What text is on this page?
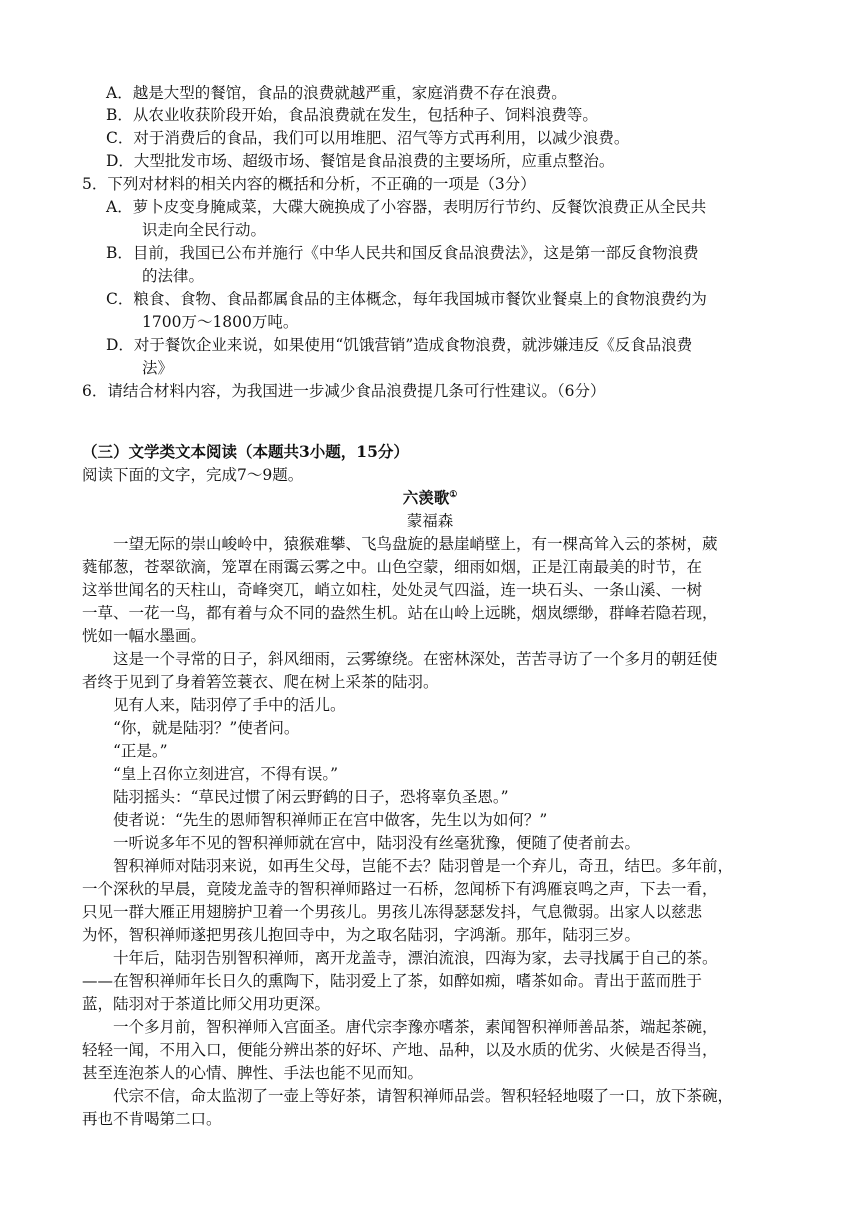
A．越是大型的餐馆，食品的浪费就越严重，家庭消费不存在浪费。
B．从农业收获阶段开始，食品浪费就在发生，包括种子、饲料浪费等。
C．对于消费后的食品，我们可以用堆肥、沼气等方式再利用，以减少浪费。
D．大型批发市场、超级市场、餐馆是食品浪费的主要场所，应重点整治。
5．下列对材料的相关内容的概括和分析，不正确的一项是（3分）
A．萝卜皮变身腌咸菜，大碟大碗换成了小容器，表明厉行节约、反餐饮浪费正从全民共
识走向全民行动。
B．目前，我国已公布并施行《中华人民共和国反食品浪费法》，这是第一部反食物浪费
的法律。
C．粮食、食物、食品都属食品的主体概念，每年我国城市餐饮业餐桌上的食物浪费约为
1700万～1800万吨。
D．对于餐饮企业来说，如果使用“饥饿营销”造成食物浪费，就涉嫌违反《反食品浪费
法》
6．请结合材料内容，为我国进一步减少食品浪费提几条可行性建议。（6分）
（三）文学类文本阅读（本题共3小题，15分）
阅读下面的文字，完成7～9题。
六羡歌①
蒙福森
　　一望无际的崇山峻岭中，猿猴难攀、飞鸟盘旋的悬崖峭壁上，有一棵高耸入云的茶树，葳
蕤郁葱，苍翠欲滴，笼罩在雨霭云雾之中。山色空蒙，细雨如烟，正是江南最美的时节，在
这举世闻名的天柱山，奇峰突兀，峭立如柱，处处灵气四溢，连一块石头、一条山溪、一树
一草、一花一鸟，都有着与众不同的盎然生机。站在山岭上远眺，烟岚缥缈，群峰若隐若现，
恍如一幅水墨画。
　　这是一个寻常的日子，斜风细雨，云雾缭绕。在密林深处，苦苦寻访了一个多月的朝廷使
者终于见到了身着箬笠蓑衣、爬在树上采茶的陆羽。
　　见有人来，陆羽停了手中的活儿。
　　“你，就是陆羽？”使者问。
　　“正是。”
　　“皇上召你立刻进宫，不得有误。”
　　陆羽摇头：“草民过惯了闲云野鹤的日子，恐将辜负圣恩。”
　　使者说：“先生的恩师智积禅师正在宫中做客，先生以为如何？”
　　一听说多年不见的智积禅师就在宫中，陆羽没有丝毫犹豫，便随了使者前去。
　　智积禅师对陆羽来说，如再生父母，岂能不去？陆羽曾是一个弃儿，奇丑，结巴。多年前，
一个深秋的早晨，竟陵龙盖寺的智积禅师路过一石桥，忽闻桥下有鸿雁哀鸣之声，下去一看，
只见一群大雁正用翅膀护卫着一个男孩儿。男孩儿冻得瑟瑟发抖，气息微弱。出家人以慈悲
为怀，智积禅师遂把男孩儿抱回寺中，为之取名陆羽，字鸿渐。那年，陆羽三岁。
　　十年后，陆羽告别智积禅师，离开龙盖寺，漂泊流浪，四海为家，去寻找属于自己的茶。
——在智积禅师年长日久的熏陶下，陆羽爱上了茶，如醉如痴，嗜茶如命。青出于蓝而胜于
蓝，陆羽对于茶道比师父用功更深。
　　一个多月前，智积禅师入宫面圣。唐代宗李豫亦嗜茶，素闻智积禅师善品茶，端起茶碗，
轻轻一闻，不用入口，便能分辨出茶的好坏、产地、品种，以及水质的优劣、火候是否得当，
甚至连泡茶人的心情、脾性、手法也能不见而知。
　　代宗不信，命太监沏了一壶上等好茶，请智积禅师品尝。智积轻轻地啜了一口，放下茶碗，
再也不肯喝第二口。
